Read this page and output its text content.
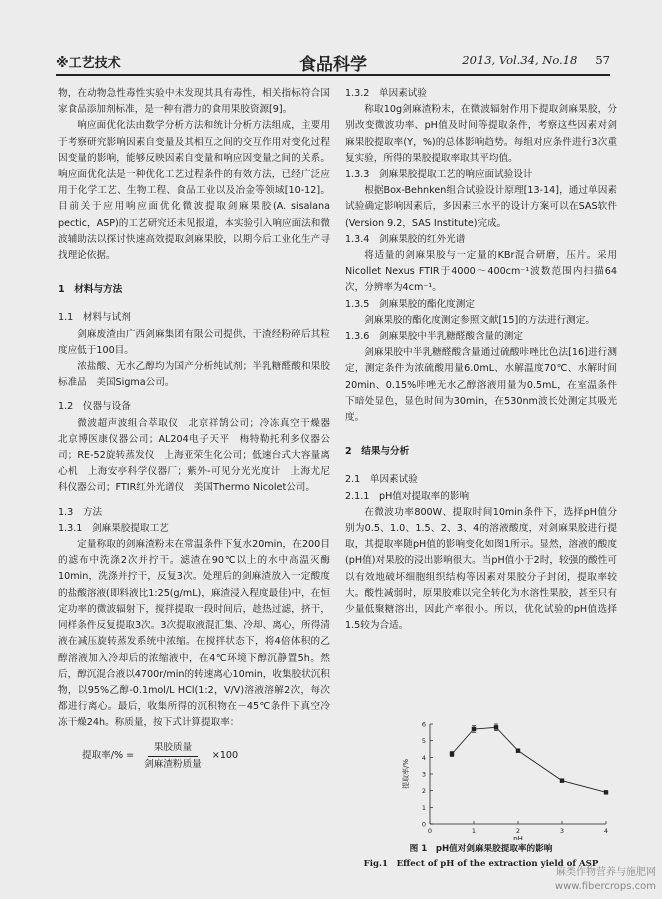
※工艺技术	食品科学	2013, Vol.34, No.18 57

物，在动物急性毒性实验中未发现其具有毒性，相关指标符合国家食品添加剂标准，是一种有潜力的食用果胶资源[9]。

响应面优化法由数学分析方法和统计分析方法组成，主要用于考察研究影响因素自变量及其相互之间的交互作用对变化过程因变量的影响，能够反映因素自变量和响应因变量之间的关系。响应面优化法是一种优化工艺过程条件的有效方法，已经广泛应用于化学工艺、生物工程、食品工业以及冶金等领域[10-12]。目前关于应用响应面优化微波提取剑麻果胶(A. sisalana pectic，ASP)的工艺研究还未见报道，本实验引入响应面法和微波辅助法以探讨快速高效提取剑麻果胶，以期今后工业化生产寻找理论依据。

1　材料与方法
1.1　材料与试剂

剑麻废渣由广西剑麻集团有限公司提供，干渣经粉碎后其粒度应低于100目。

浓盐酸、无水乙醇均为国产分析纯试剂；半乳糖醛酸和果胶标准品　美国Sigma公司。

1.2　仪器与设备

微波超声波组合萃取仪　北京祥鹄公司；冷冻真空干燥器　北京博医康仪器公司；AL204电子天平　梅特勒托利多仪器公司；RE-52旋转蒸发仪　上海亚荣生化公司；低速台式大容量离心机　上海安亭科学仪器厂；紫外-可见分光光度计　上海尤尼科仪器公司；FTIR红外光谱仪　美国Thermo Nicolet公司。

1.3　方法
1.3.1　剑麻果胶提取工艺

定量称取的剑麻渣粉末在常温条件下复水20min，在200目的滤布中洗涤2次并拧干。滤渣在90℃以上的水中高温灭酶10min，洗涤并拧干，反复3次。处理后的剑麻渣放入一定酸度的盐酸溶液(即料液比1:25(g/mL)，麻渣浸入程度最佳)中，在恒定功率的微波辐射下，搅拌提取一段时间后，趁热过滤，挤干，同样条件反复提取3次。3次提取液混汇集、冷却、离心，所得清液在减压旋转蒸发系统中浓缩。在搅拌状态下，将4倍体积的乙醇溶液加入冷却后的浓缩液中，在4℃环境下醇沉静置5h。然后，醇沉混合液以4700r/min的转速离心10min，收集胶状沉积物，以95%乙醇-0.1mol/L HCl(1:2，V/V)溶液溶解2次，每次都进行离心。最后，收集所得的沉积物在－45℃条件下真空冷冻干燥24h。称质量，按下式计算提取率：

提取率/% = $\frac{\text{果胶质量}}{\text{剑麻渣粉质量}} \times 100$
1.3.2　单因素试验

称取10g剑麻渣粉末，在微波辐射作用下提取剑麻果胶，分别改变微波功率、pH值及时间等提取条件，考察这些因素对剑麻果胶提取率(Y，%)的总体影响趋势。每组对应条件进行3次重复实验，所得的果胶提取率取其平均值。

1.3.3　剑麻果胶提取工艺的响应面试验设计

根据Box-Behnken组合试验设计原理[13-14]，通过单因素试验确定影响因素后，多因素三水平的设计方案可以在SAS软件(Version 9.2，SAS Institute)完成。

1.3.4　剑麻果胶的红外光谱

将适量的剑麻果胶与一定量的KBr混合研磨，压片。采用Nicollet Nexus FTIR于4000～400cm⁻¹波数范围内扫描64次，分辨率为4cm⁻¹。

1.3.5　剑麻果胶的酯化度测定

剑麻果胶的酯化度测定参照文献[15]的方法进行测定。

1.3.6　剑麻果胶中半乳糖醛酸含量的测定

剑麻果胶中半乳糖醛酸含量通过硫酸咔唑比色法[16]进行测定，测定条件为浓硫酸用量6.0mL、水解温度70℃、水解时间20min、0.15%咔唑无水乙醇溶液用量为0.5mL，在室温条件下暗处显色，显色时间为30min，在530nm波长处测定其吸光度。

2　结果与分析
2.1　单因素试验
2.1.1　pH值对提取率的影响

在微波功率800W、提取时间10min条件下，选择pH值分别为0.5、1.0、1.5、2、3、4的溶液酸度，对剑麻果胶进行提取，其提取率随pH值的影响变化如图1所示。显然，溶液的酸度(pH值)对果胶的浸出影响很大。当pH值小于2时，较强的酸性可以有效地破坏细胞组织结构等因素对果胶分子封闭，提取率较大。酸性减弱时，原果胶难以完全转化为水溶性果胶，甚至只有少量低聚糖溶出，因此产率很小。所以，优化试验的pH值选择1.5较为合适。

0
1
2
3
4
5
6
0	1	2	3	4
pH
提取率/%
图 1　pH值对剑麻果胶提取率的影响
Fig.1　Effect of pH of the extraction yield of ASP
麻类作物营养与施肥网
www.fibercrops.com
